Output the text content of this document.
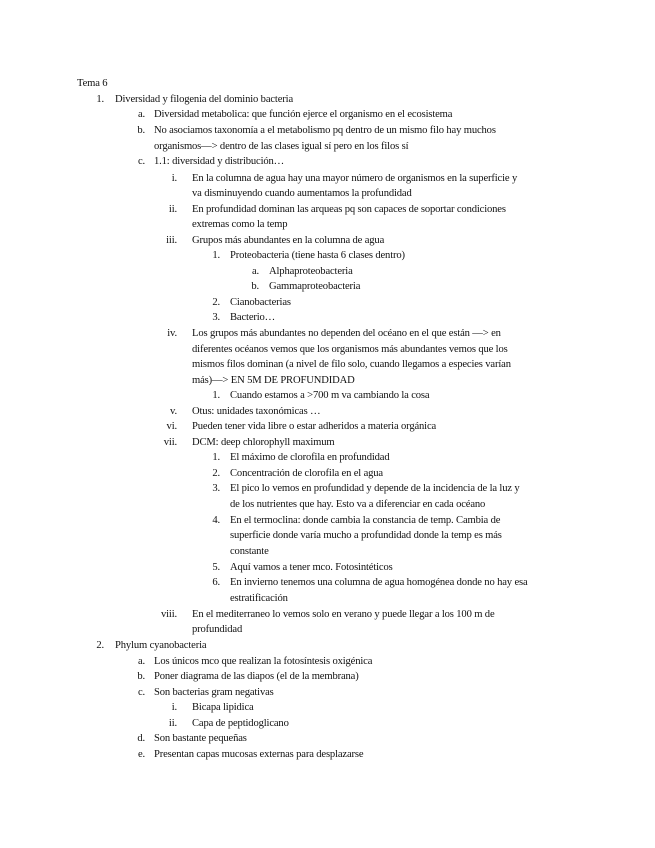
Tema 6
1. Diversidad y filogenia del dominio bacteria
a. Diversidad metabolica: que función ejerce el organismo en el ecosistema
b. No asociamos taxonomía a el metabolismo pq dentro de un mismo filo hay muchos
organismos—> dentro de las clases igual sí pero en los filos sí
c. 1.1: diversidad y distribución…
i. En la columna de agua hay una mayor número de organismos en la superficie y
va disminuyendo cuando aumentamos la profundidad
ii. En profundidad dominan las arqueas pq son capaces de soportar condiciones
extremas como la temp
iii. Grupos más abundantes en la columna de agua
1. Proteobacteria (tiene hasta 6 clases dentro)
a. Alphaproteobacteria
b. Gammaproteobacteria
2. Cianobacterias
3. Bacterio…
iv. Los grupos más abundantes no dependen del océano en el que están —> en
diferentes océanos vemos que los organismos más abundantes vemos que los
mismos filos dominan (a nivel de filo solo, cuando llegamos a especies varían
más)—> EN 5M DE PROFUNDIDAD
1. Cuando estamos a >700 m va cambiando la cosa
v. Otus: unidades taxonómicas …
vi. Pueden tener vida libre o estar adheridos a materia orgánica
vii. DCM: deep chlorophyll maximum
1. El máximo de clorofila en profundidad
2. Concentración de clorofila en el agua
3. El pico lo vemos en profundidad y depende de la incidencia de la luz y
de los nutrientes que hay. Esto va a diferenciar en cada océano
4. En el termoclina: donde cambia la constancia de temp. Cambia de
superficie donde varía mucho a profundidad donde la temp es más
constante
5. Aquí vamos a tener mco. Fotosintéticos
6. En invierno tenemos una columna de agua homogénea donde no hay esa
estratificación
viii. En el mediterraneo lo vemos solo en verano y puede llegar a los 100 m de
profundidad
2. Phylum cyanobacteria
a. Los únicos mco que realizan la fotosíntesis oxigénica
b. Poner diagrama de las diapos (el de la membrana)
c. Son bacterias gram negativas
i. Bicapa lipidica
ii. Capa de peptidoglicano
d. Son bastante pequeñas
e. Presentan capas mucosas externas para desplazarse
